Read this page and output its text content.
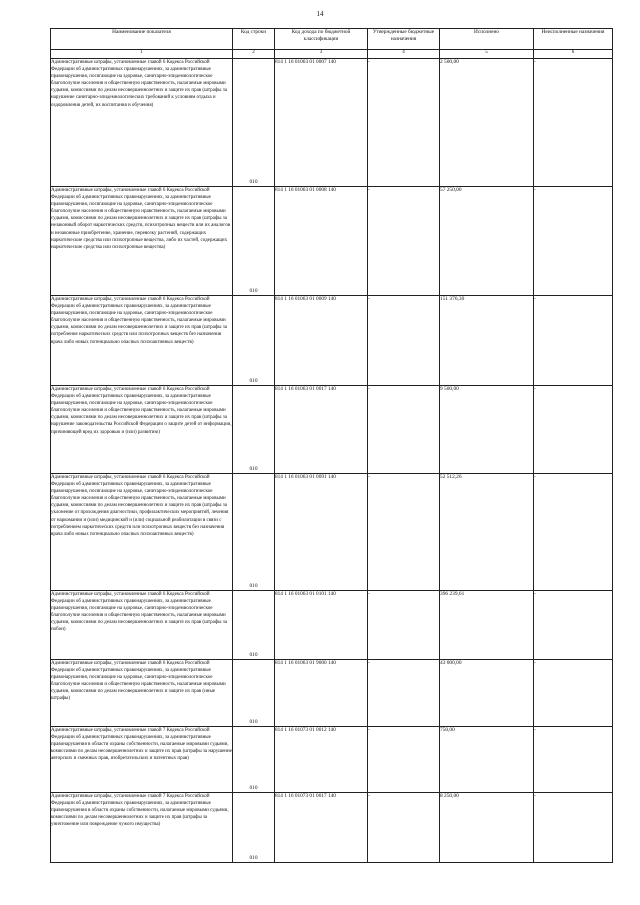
14
Наименование показателя	Код строки	Код дохода по бюджетной классификации	Утвержденные бюджетные назначения	Исполнено	Неисполненные назначения
1	2	3	4	5	6
Административные штрафы, установленные главой 6 Кодекса Российской Федерации об административных правонарушениях, за административные правонарушения, посягающие на здоровье, санитарно-эпидемиологическое благополучие населения и общественную нравственность, налагаемые мировыми судьями, комиссиями по делам несовершеннолетних и защите их прав (штрафы за нарушение санитарно-эпидемиологических требований к условиям отдыха и оздоровления детей, их воспитания и обучения)	010	814 1 16 01063 01 0007 140	-	2 500,00	-
Административные штрафы, установленные главой 6 Кодекса Российской Федерации об административных правонарушениях, за административные правонарушения, посягающие на здоровье, санитарно-эпидемиологическое благополучие населения и общественную нравственность, налагаемые мировыми судьями, комиссиями по делам несовершеннолетних и защите их прав (штрафы за незаконный оборот наркотических средств, психотропных веществ или их аналогов и незаконные приобретение, хранение, перевозку растений, содержащих наркотические средства или психотропные вещества, либо их частей, содержащих наркотические средства или психотропные вещества)	010	814 1 16 01063 01 0008 140	-	57 250,00	-
Административные штрафы, установленные главой 6 Кодекса Российской Федерации об административных правонарушениях, за административные правонарушения, посягающие на здоровье, санитарно-эпидемиологическое благополучие населения и общественную нравственность, налагаемые мировыми судьями, комиссиями по делам несовершеннолетних и защите их прав (штрафы за потребление наркотических средств или психотропных веществ без назначения врача либо новых потенциально опасных психоактивных веществ)	010	814 1 16 01063 01 0009 140	-	151 376,30	-
Административные штрафы, установленные главой 6 Кодекса Российской Федерации об административных правонарушениях, за административные правонарушения, посягающие на здоровье, санитарно-эпидемиологическое благополучие населения и общественную нравственность, налагаемые мировыми судьями, комиссиями по делам несовершеннолетних и защите их прав (штрафы за нарушение законодательства Российской Федерации о защите детей от информации, причиняющей вред их здоровью и (или) развитию)	010	814 1 16 01063 01 0017 140	-	9 500,00	-
Административные штрафы, установленные главой 6 Кодекса Российской Федерации об административных правонарушениях, за административные правонарушения, посягающие на здоровье, санитарно-эпидемиологическое благополучие населения и общественную нравственность, налагаемые мировыми судьями, комиссиями по делам несовершеннолетних и защите их прав (штрафы за уклонение от прохождения диагностики, профилактических мероприятий, лечения от наркомании и (или) медицинской и (или) социальной реабилитации в связи с потреблением наркотических средств или психотропных веществ без назначения врача либо новых потенциально опасных психоактивных веществ)	010	814 1 16 01063 01 0091 140	-	52 512,26	-
Административные штрафы, установленные главой 6 Кодекса Российской Федерации об административных правонарушениях, за административные правонарушения, посягающие на здоровье, санитарно-эпидемиологическое благополучие населения и общественную нравственность, налагаемые мировыми судьями, комиссиями по делам несовершеннолетних и защите их прав (штрафы за побои)	010	814 1 16 01063 01 0101 140	-	396 239,61	-
Административные штрафы, установленные главой 6 Кодекса Российской Федерации об административных правонарушениях, за административные правонарушения, посягающие на здоровье, санитарно-эпидемиологическое благополучие населения и общественную нравственность, налагаемые мировыми судьями, комиссиями по делам несовершеннолетних и защите их прав (иные штрафы)	010	814 1 16 01063 01 9000 140	-	43 000,00	-
Административные штрафы, установленные главой 7 Кодекса Российской Федерации об административных правонарушениях, за административные правонарушения в области охраны собственности, налагаемые мировыми судьями, комиссиями по делам несовершеннолетних и защите их прав (штрафы за нарушение авторских и смежных прав, изобретательских и патентных прав)	010	814 1 16 01073 01 0012 140	-	750,00	-
Административные штрафы, установленные главой 7 Кодекса Российской Федерации об административных правонарушениях, за административные правонарушения в области охраны собственности, налагаемые мировыми судьями, комиссиями по делам несовершеннолетних и защите их прав (штрафы за уничтожение или повреждение чужого имущества)	010	814 1 16 01073 01 0017 140	-	8 250,00	-
